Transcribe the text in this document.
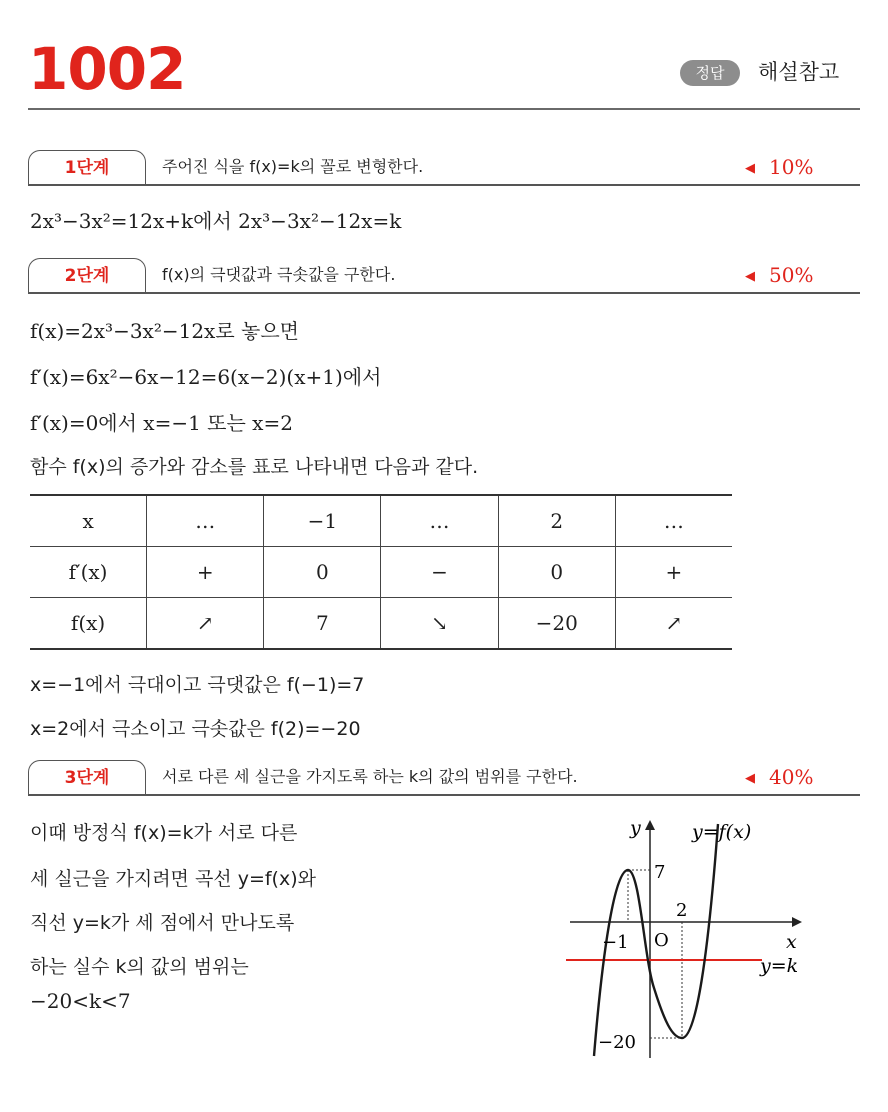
1002	정답	해설참고
1단계	주어진 식을 f(x)=k의 꼴로 변형한다.	◀ 10%
2x³−3x²=12x+k에서 2x³−3x²−12x=k
2단계	f(x)의 극댓값과 극솟값을 구한다.	◀ 50%
f(x)=2x³−3x²−12x로 놓으면
f′(x)=6x²−6x−12=6(x−2)(x+1)에서
f′(x)=0에서 x=−1 또는 x=2
함수 f(x)의 증가와 감소를 표로 나타내면 다음과 같다.
x	…	−1	…	2	…
f′(x)	+	0	−	0	+
f(x)	↗	7	↘	−20	↗
x=−1에서 극대이고 극댓값은 f(−1)=7
x=2에서 극소이고 극솟값은 f(2)=−20
3단계	서로 다른 세 실근을 가지도록 하는 k의 값의 범위를 구한다.	◀ 40%
이때 방정식 f(x)=k가 서로 다른
세 실근을 가지려면 곡선 y=f(x)와
직선 y=k가 세 점에서 만나도록
하는 실수 k의 값의 범위는
−20<k<7
y
x
O
y=f(x)
y=k
7
−20
−1
2
